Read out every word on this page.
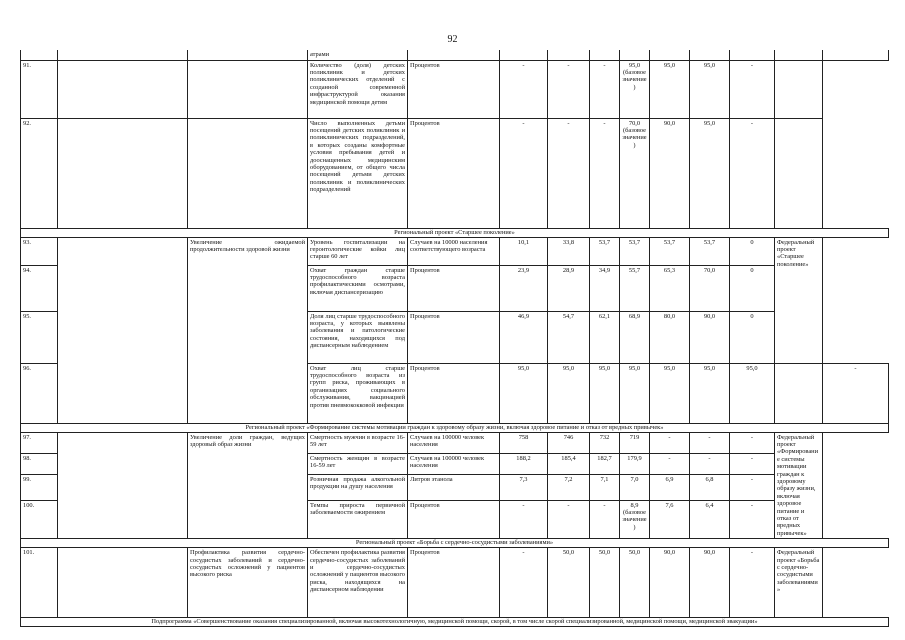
92
			атрами										
91.			Количество (доля) детских поликлиник и детских поликлинических отделений с созданной современной инфраструктурой оказания медицинской помощи детям	Процентов	-	-	-	95,0 (базовое значение)	95,0	95,0	-		
92.			Число выполненных детьми посещений детских поликлиник и поликлинических подразделений, в которых созданы комфортные условия пребывания детей и дооснащенных медицинским оборудованием, от общего числа посещений детьми детских поликлиник и поликлинических подразделений	Процентов	-	-	-	70,0 (базовое значение)	90,0	95,0	-		
Региональный проект «Старшее поколение»													
93.		Увеличение ожидаемой продолжительности здоровой жизни	Уровень госпитализации на геронтологические койки лиц старше 60 лет	Случаев на 10000 населения соответствующего возраста	10,1	33,8	53,7	53,7	53,7	53,7	0	Федеральный проект «Старшее поколение»	
94.			Охват граждан старше трудоспособного возраста профилактическими осмотрами, включая диспансеризацию	Процентов	23,9	28,9	34,9	55,7	65,3	70,0	0		
95.			Доля лиц старше трудоспособного возраста, у которых выявлены заболевания и патологические состояния, находящихся под диспансерным наблюдением	Процентов	46,9	54,7	62,1	68,9	80,0	90,0	0		
96.			Охват лиц старше трудоспособного возраста из групп риска, проживающих в организациях социального обслуживания, вакцинацией против пневмококковой инфекции	Процентов	95,0	95,0	95,0	95,0	95,0	95,0	95,0		-
Региональный проект «Формирование системы мотивации граждан к здоровому образу жизни, включая здоровое питание и отказ от вредных привычек»													
97.		Увеличение доли граждан, ведущих здоровый образ жизни	Смертность мужчин в возрасте 16-59 лет	Случаев на 100000 человек населения	758	746	732	719	-	-	-	Федеральный проект «Формирование системы мотивации граждан к здоровому образу жизни, включая здоровое питание и отказ от вредных привычек»	
98.			Смертность женщин в возрасте 16-59 лет	Случаев на 100000 человек населения	188,2	185,4	182,7	179,9	-	-	-		
99.			Розничная продажа алкогольной продукции на душу населения	Литров этанола	7,3	7,2	7,1	7,0	6,9	6,8	-		
100.			Темпы прироста первичной заболеваемости ожирением	Процентов	-	-	-	8,9 (базовое значение)	7,6	6,4	-		
Региональный проект «Борьба с сердечно-сосудистыми заболеваниями»													
101.		Профилактика развития сердечно-сосудистых заболеваний и сердечно-сосудистых осложнений у пациентов высокого риска	Обеспечен профилактика развития сердечно-сосудистых заболеваний и сердечно-сосудистых осложнений у пациентов высокого риска, находящихся на диспансерном наблюдении	Процентов	-	50,0	50,0	50,0	90,0	90,0	-	Федеральный проект «Борьба с сердечно-сосудистыми заболеваниями»	
Подпрограмма «Совершенствование оказания специализированной, включая высокотехнологичную, медицинской помощи, скорой, в том числе скорой специализированной, медицинской помощи, медицинской эвакуации»													
